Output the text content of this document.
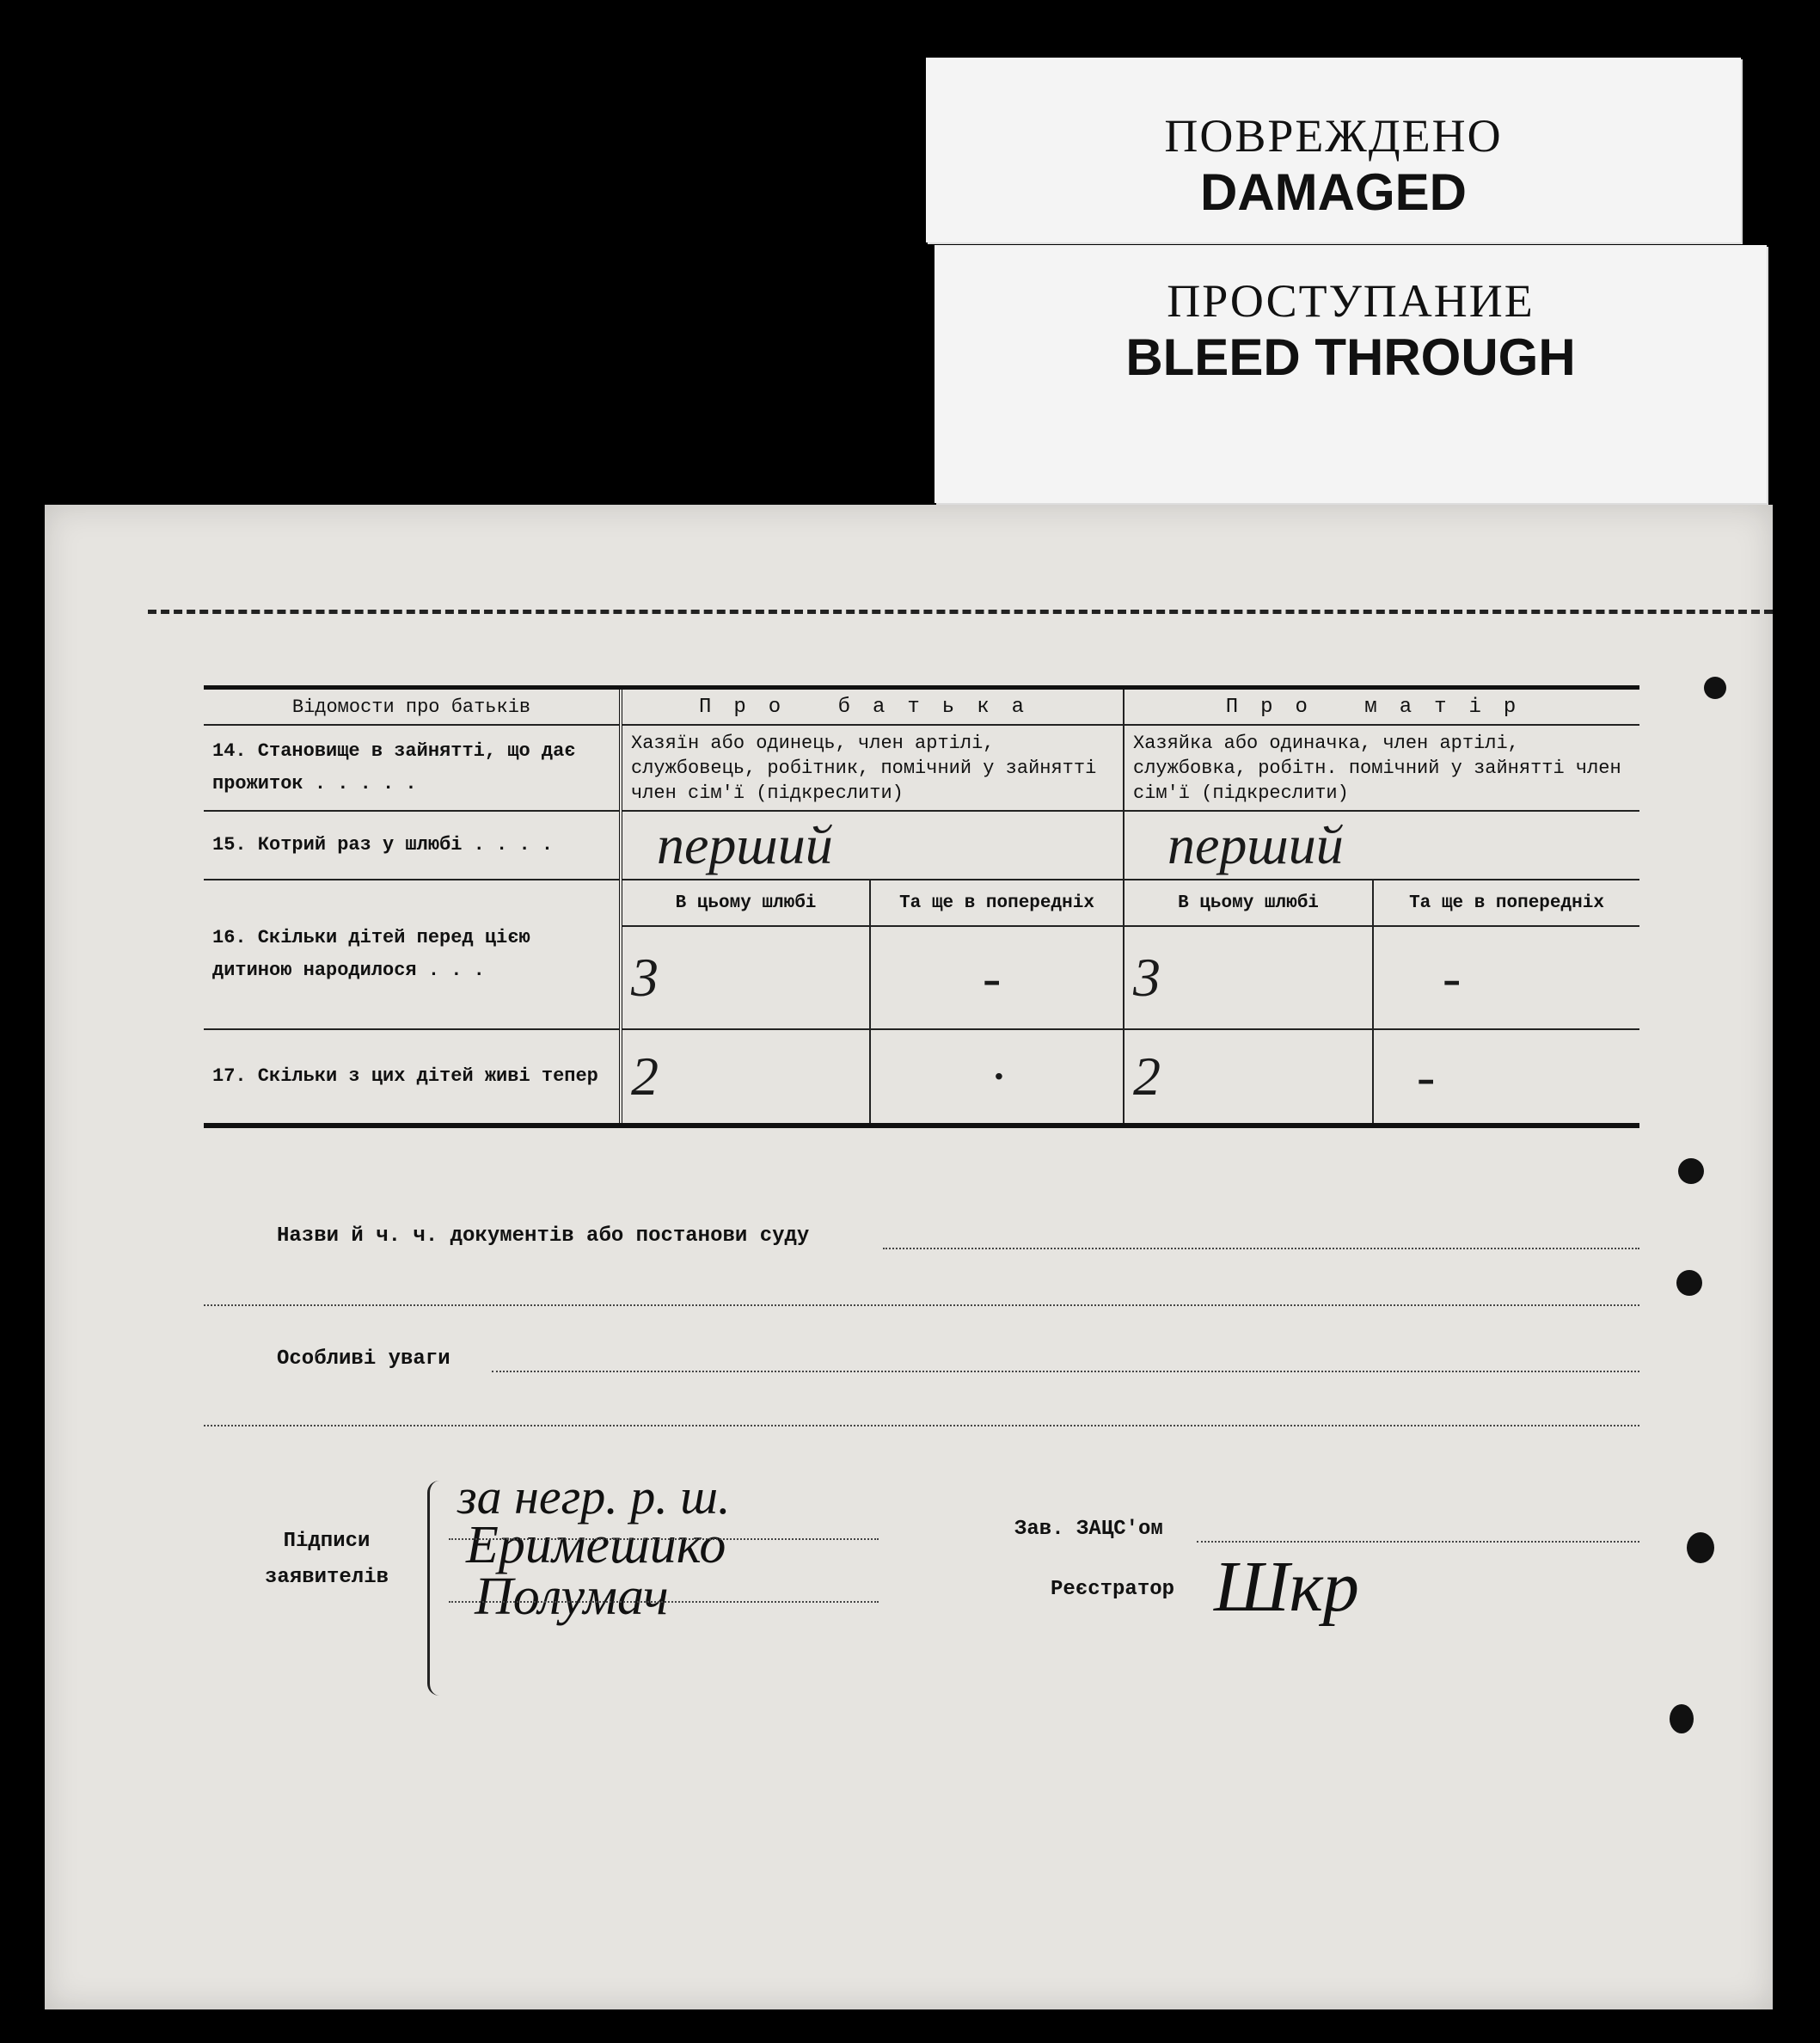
ПОВРЕЖДЕНО
DAMAGED
ПРОСТУПАНИЕ
BLEED THROUGH
Відомости про батьків	Про батька		Про матір	
14. Становище в зайнятті, що дає прожиток . . . . .	Хазяїн або одинець, член артілі, службовець, робітник, помічний у зайнятті член сім'ї (підкреслити)		Хазяйка або одиначка, член артілі, службовка, робітн. помічний у зайнятті член сім'ї (підкреслити)	
15. Котрий раз у шлюбі . . . .	перший		перший	

16. Скільки дітей перед цією дитиною народилося . . .	В цьому шлюбі	Та ще в попередніх	В цьому шлюбі	Та ще в попередніх
	3	-	3	-
17. Скільки з цих дітей живі тепер	2	·	2	-
Назви й ч. ч. документів або постанови суду
Особливі уваги
Підписи заявителів
за негр. р. ш.
Еримешико
Полумач
Зав. ЗАЦС'ом
Реєстратор Шкр
